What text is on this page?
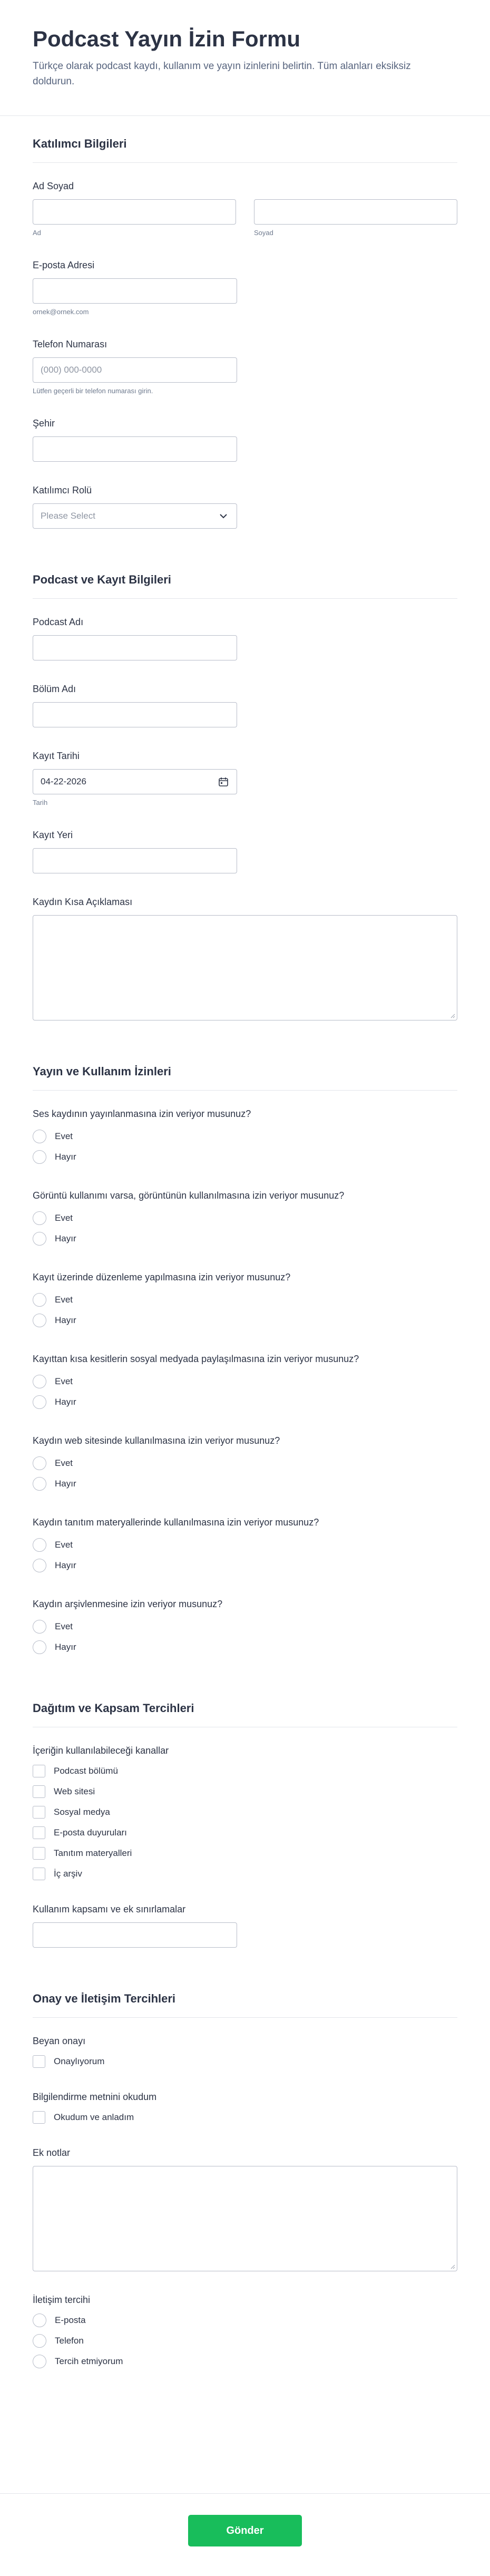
Podcast Yayın İzin Formu

Türkçe olarak podcast kaydı, kullanım ve yayın izinlerini belirtin. Tüm alanları eksiksiz doldurun.

Katılımcı Bilgileri
Ad Soyad
Ad	Soyad
E-posta Adresi
ornek@ornek.com
Telefon Numarası
(000) 000-0000
Lütfen geçerli bir telefon numarası girin.
Şehir
Katılımcı Rolü
Please Select
Podcast ve Kayıt Bilgileri
Podcast Adı
Bölüm Adı
Kayıt Tarihi
04-22-2026
Tarih
Kayıt Yeri
Kaydın Kısa Açıklaması
Yayın ve Kullanım İzinleri
Ses kaydının yayınlanmasına izin veriyor musunuz?
Evet
Hayır
Görüntü kullanımı varsa, görüntünün kullanılmasına izin veriyor musunuz?
Evet
Hayır
Kayıt üzerinde düzenleme yapılmasına izin veriyor musunuz?
Evet
Hayır
Kayıttan kısa kesitlerin sosyal medyada paylaşılmasına izin veriyor musunuz?
Evet
Hayır
Kaydın web sitesinde kullanılmasına izin veriyor musunuz?
Evet
Hayır
Kaydın tanıtım materyallerinde kullanılmasına izin veriyor musunuz?
Evet
Hayır
Kaydın arşivlenmesine izin veriyor musunuz?
Evet
Hayır
Dağıtım ve Kapsam Tercihleri
İçeriğin kullanılabileceği kanallar
Podcast bölümü
Web sitesi
Sosyal medya
E-posta duyuruları
Tanıtım materyalleri
İç arşiv
Kullanım kapsamı ve ek sınırlamalar
Onay ve İletişim Tercihleri
Beyan onayı
Onaylıyorum
Bilgilendirme metnini okudum
Okudum ve anladım
Ek notlar
İletişim tercihi
E-posta
Telefon
Tercih etmiyorum
Gönder
